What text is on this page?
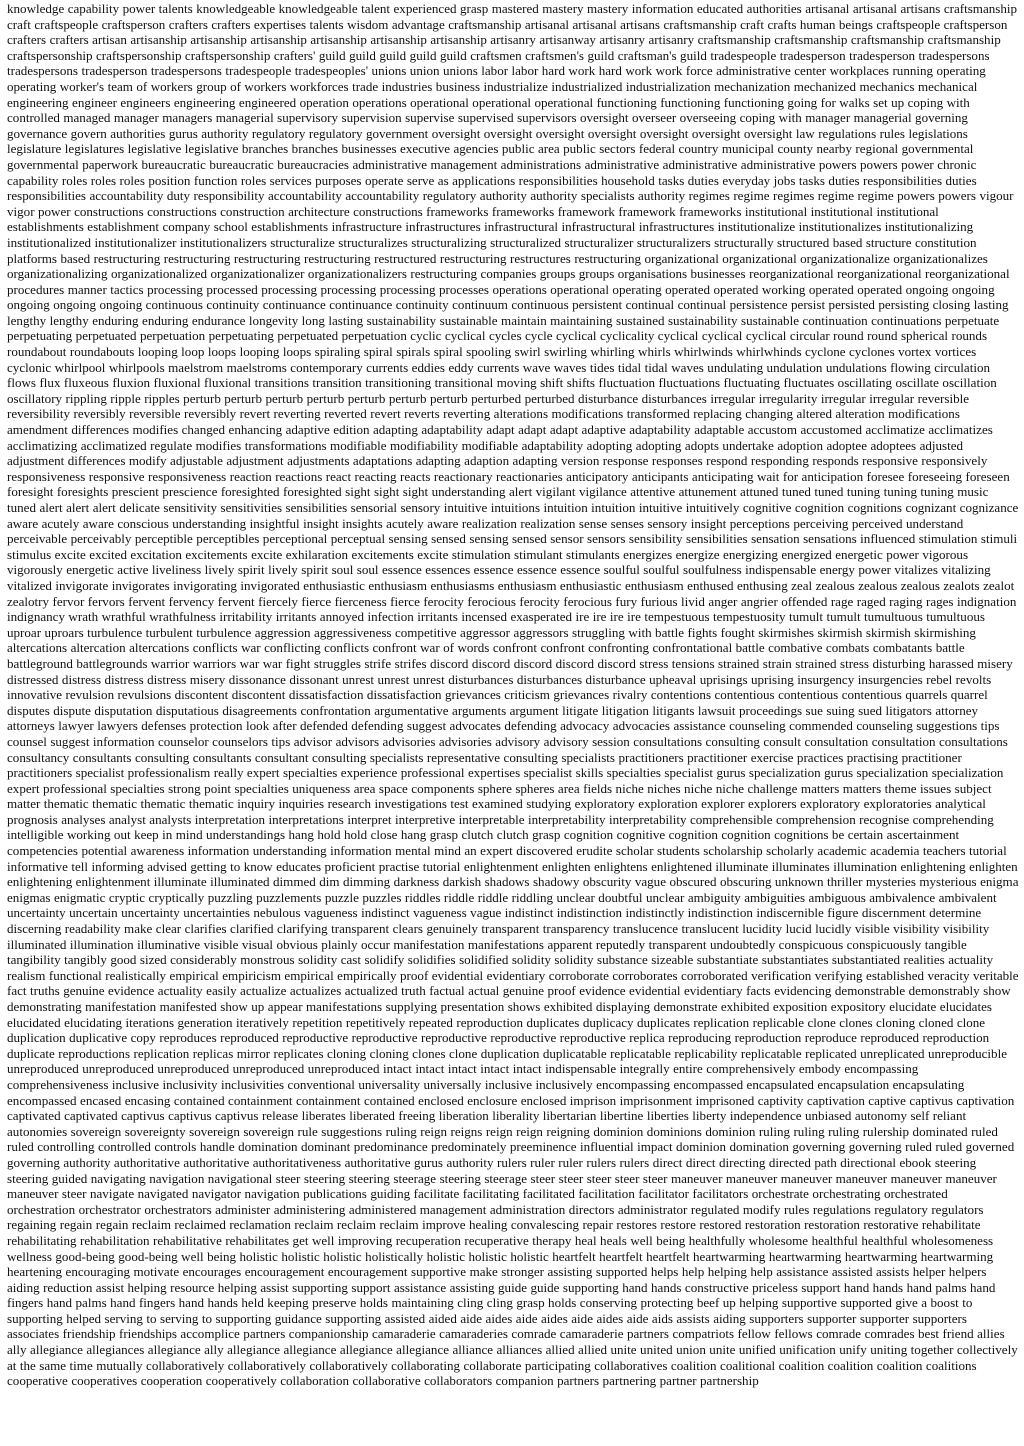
knowledge capability power talents knowledgeable knowledgeable talent experienced grasp mastered mastery mastery information educated authorities artisanal artisanal artisans craftsmanship craft craftspeople craftsperson crafters crafters expertises talents wisdom advantage craftsmanship artisanal artisanal artisans craftsmanship craft crafts human beings craftspeople craftsperson crafters crafters artisan artisanship artisanship artisanship artisanship artisanship artisanship artisanry artisanway artisanry artisanry craftsmanship craftsmanship craftsmanship craftsmanship craftspersonship craftspersonship craftspersonship crafters' guild guild guild guild guild craftsmen craftsmen's guild craftsman's guild tradespeople tradesperson tradesperson tradespersons tradespersons tradesperson tradespersons tradespeople tradespeoples' unions union unions labor labor hard work hard work work force administrative center workplaces running operating operating worker's team of workers group of workers workforces trade industries business industrialize industrialized industrialization mechanization mechanized mechanics mechanical engineering engineer engineers engineering engineered operation operations operational operational operational functioning functioning functioning going for walks set up coping with controlled managed manager managers managerial supervisory supervision supervise supervised supervisors oversight overseer overseeing coping with manager managerial governing governance govern authorities gurus authority regulatory regulatory government oversight oversight oversight oversight oversight oversight oversight law regulations rules legislations legislature legislatures legislative legislative branches branches businesses executive agencies public area public sectors federal country municipal county nearby regional governmental governmental paperwork bureaucratic bureaucratic bureaucracies administrative management administrations administrative administrative administrative powers powers power chronic capability roles roles roles position function roles services purposes operate serve as applications responsibilities household tasks duties everyday jobs tasks duties responsibilities duties responsibilities accountability duty responsibility accountability accountability regulatory authority authority specialists authority regimes regime regimes regime regime powers powers vigour vigor power constructions constructions construction architecture constructions frameworks frameworks framework framework frameworks institutional institutional institutional establishments establishment company school establishments infrastructure infrastructures infrastructural infrastructural infrastructures institutionalize institutionalizes institutionalizing institutionalized institutionalizer institutionalizers structuralize structuralizes structuralizing structuralized structuralizer structuralizers structurally structured based structure constitution platforms based restructuring restructuring restructuring restructuring restructured restructuring restructures restructuring organizational organizational organizationalize organizationalizes organizationalizing organizationalized organizationalizer organizationalizers restructuring companies groups groups organisations businesses reorganizational reorganizational reorganizational procedures manner tactics processing processed processing processing processing processes operations operational operating operated operated working operated operated ongoing ongoing ongoing ongoing ongoing continuous continuity continuance continuance continuity continuum continuous persistent continual continual persistence persist persisted persisting closing lasting lengthy lengthy enduring enduring endurance longevity long lasting sustainability sustainable maintain maintaining sustained sustainability sustainable continuation continuations perpetuate perpetuating perpetuated perpetuation perpetuating perpetuated perpetuation cyclic cyclical cycles cycle cyclical cyclicality cyclical cyclical cyclical circular round round spherical rounds roundabout roundabouts looping loop loops looping loops spiraling spiral spirals spiral spooling swirl swirling whirling whirls whirlwinds whirlwhinds cyclone cyclones vortex vortices cyclonic whirlpool whirlpools maelstrom maelstroms contemporary currents eddies eddy currents wave waves tides tidal tidal waves undulating undulation undulations flowing circulation flows flux fluxeous fluxion fluxional fluxional transitions transition transitioning transitional moving shift shifts fluctuation fluctuations fluctuating fluctuates oscillating oscillate oscillation oscillatory rippling ripple ripples perturb perturb perturb perturb perturb perturb perturb perturbed perturbed disturbance disturbances irregular irregularity irregular irregular reversible reversibility reversibly reversible reversibly revert reverting reverted revert reverts reverting alterations modifications transformed replacing changing altered alteration modifications amendment differences modifies changed enhancing adaptive edition adapting adaptability adapt adapt adapt adaptive adaptability adaptable accustom accustomed acclimatize acclimatizes acclimatizing acclimatized regulate modifies transformations modifiable modifiability modifiable adaptability adopting adopting adopts undertake adoption adoptee adoptees adjusted adjustment differences modify adjustable adjustment adjustments adaptations adapting adaption adapting version response responses respond responding responds responsive responsively responsiveness responsive responsiveness reaction reactions react reacting reacts reactionary reactionaries anticipatory anticipants anticipating wait for anticipation foresee foreseeing foreseen foresight foresights prescient prescience foresighted foresighted sight sight sight understanding alert vigilant vigilance attentive attunement attuned tuned tuned tuning tuning tuning music tuned alert alert alert delicate sensitivity sensitivities sensibilities sensorial sensory intuitive intuitions intuition intuition intuitive intuitively cognitive cognition cognitions cognizant cognizance aware acutely aware conscious understanding insightful insight insights acutely aware realization realization sense senses sensory insight perceptions perceiving perceived understand perceivable perceivably perceptible perceptibles perceptional perceptual sensing sensed sensing sensed sensor sensors sensibility sensibilities sensation sensations influenced stimulation stimuli stimulus excite excited excitation excitements excite exhilaration excitements excite stimulation stimulant stimulants energizes energize energizing energized energetic power vigorous vigorously energetic active liveliness lively spirit lively spirit soul soul essence essences essence essence essence soulful soulful soulfulness indispensable energy power vitalizes vitalizing vitalized invigorate invigorates invigorating invigorated enthusiastic enthusiasm enthusiasms enthusiasm enthusiastic enthusiasm enthused enthusing zeal zealous zealous zealous zealots zealot zealotry fervor fervors fervent fervency fervent fiercely fierce fierceness fierce ferocity ferocious ferocity ferocious fury furious livid anger angrier offended rage raged raging rages indignation indignancy wrath wrathful wrathfulness irritability irritants annoyed infection irritants incensed exasperated ire ire ire ire tempestuous tempestuosity tumult tumult tumultuous tumultuous uproar uproars turbulence turbulent turbulence aggression aggressiveness competitive aggressor aggressors struggling with battle fights fought skirmishes skirmish skirmish skirmishing altercations altercation altercations conflicts war conflicting conflicts confront war of words confront confront confronting confrontational battle combative combats combatants battle battleground battlegrounds warrior warriors war war fight struggles strife strifes discord discord discord discord discord stress tensions strained strain strained stress disturbing harassed misery distressed distress distress distress misery dissonance dissonant unrest unrest unrest disturbances disturbances disturbance upheaval uprisings uprising insurgency insurgencies rebel revolts innovative revulsion revulsions discontent discontent dissatisfaction dissatisfaction grievances criticism grievances rivalry contentions contentious contentious contentious quarrels quarrel disputes dispute disputation disputatious disagreements confrontation argumentative arguments argument litigate litigation litigants lawsuit proceedings sue suing sued litigators attorney attorneys lawyer lawyers defenses protection look after defended defending suggest advocates defending advocacy advocacies assistance counseling commended counseling suggestions tips counsel suggest information counselor counselors tips advisor advisors advisories advisories advisory advisory session consultations consulting consult consultation consultation consultations consultancy consultants consulting consultants consultant consulting specialists representative consulting specialists practitioners practitioner exercise practices practising practitioner practitioners specialist professionalism really expert specialties experience professional expertises specialist skills specialties specialist gurus specialization gurus specialization specialization expert professional specialties strong point specialties uniqueness area space components sphere spheres area fields niche niches niche niche challenge matters matters theme issues subject matter thematic thematic thematic thematic inquiry inquiries research investigations test examined studying exploratory exploration explorer explorers exploratory exploratories analytical prognosis analyses analyst analysts interpretation interpretations interpret interpretive interpretable interpretability interpretability comprehensible comprehension recognise comprehending intelligible working out keep in mind understandings hang hold hold close hang grasp clutch clutch grasp cognition cognitive cognition cognition cognitions be certain ascertainment competencies potential awareness information understanding information mental mind an expert discovered erudite scholar students scholarship scholarly academic academia teachers tutorial informative tell informing advised getting to know educates proficient practise tutorial enlightenment enlighten enlightens enlightened illuminate illuminates illumination enlightening enlighten enlightening enlightenment illuminate illuminated dimmed dim dimming darkness darkish shadows shadowy obscurity vague obscured obscuring unknown thriller mysteries mysterious enigma enigmas enigmatic cryptic cryptically puzzling puzzlements puzzle puzzles riddles riddle riddle riddling unclear doubtful unclear ambiguity ambiguities ambiguous ambivalence ambivalent uncertainty uncertain uncertainty uncertainties nebulous vagueness indistinct vagueness vague indistinct indistinction indistinctly indistinction indiscernible figure discernment determine discerning readability make clear clarifies clarified clarifying transparent clears genuinely transparent transparency translucence translucent lucidity lucid lucidly visible visibility visibility illuminated illumination illuminative visible visual obvious plainly occur manifestation manifestations apparent reputedly transparent undoubtedly conspicuous conspicuously tangible tangibility tangibly good sized considerably monstrous solidity cast solidify solidifies solidified solidity solidity substance sizeable substantiate substantiates substantiated realities actuality realism functional realistically empirical empiricism empirical empirically proof evidential evidentiary corroborate corroborates corroborated verification verifying established veracity veritable fact truths genuine evidence actuality easily actualize actualizes actualized truth factual actual genuine proof evidence evidential evidentiary facts evidencing demonstrable demonstrably show demonstrating manifestation manifested show up appear manifestations supplying presentation shows exhibited displaying demonstrate exhibited exposition expository elucidate elucidates elucidated elucidating iterations generation iteratively repetition repetitively repeated reproduction duplicates duplicacy duplicates replication replicable clone clones cloning cloned clone duplication duplicative copy reproduces reproduced reproductive reproductive reproductive reproductive reproductive replica reproducing reproduction reproduce reproduced reproduction duplicate reproductions replication replicas mirror replicates cloning cloning clones clone duplication duplicatable replicatable replicability replicatable replicated unreplicated unreproducible unreproduced unreproduced unreproduced unreproduced unreproduced intact intact intact intact intact indispensable integrally entire comprehensively embody encompassing comprehensiveness inclusive inclusivity inclusivities conventional universality universally inclusive inclusively encompassing encompassed encapsulated encapsulation encapsulating encompassed encased encasing contained containment containment contained enclosed enclosure enclosed imprison imprisonment imprisoned captivity captivation captive captivus captivation captivated captivated captivus captivus captivus release liberates liberated freeing liberation liberality libertarian libertine liberties liberty independence unbiased autonomy self reliant autonomies sovereign sovereignty sovereign sovereign rule suggestions ruling reign reigns reign reign reigning dominion dominions dominion ruling ruling ruling rulership dominated ruled ruled controlling controlled controls handle domination dominant predominance predominately preeminence influential impact dominion domination governing governing ruled ruled governed governing authority authoritative authoritative authoritativeness authoritative gurus authority rulers ruler ruler rulers rulers direct direct directing directed path directional ebook steering steering guided navigating navigation navigational steer steering steering steerage steering steerage steer steer steer steer steer maneuver maneuver maneuver maneuver maneuver maneuver maneuver steer navigate navigated navigator navigation publications guiding facilitate facilitating facilitated facilitation facilitator facilitators orchestrate orchestrating orchestrated orchestration orchestrator orchestrators administer administering administered management administration directors administrator regulated modify rules regulations regulatory regulators regaining regain regain reclaim reclaimed reclamation reclaim reclaim reclaim improve healing convalescing repair restores restore restored restoration restoration restorative rehabilitate rehabilitating rehabilitation rehabilitative rehabilitates get well improving recuperation recuperative therapy heal heals well being healthfully wholesome healthful healthful wholesomeness wellness good-being good-being well being holistic holistic holistic holistically holistic holistic holistic heartfelt heartfelt heartfelt heartwarming heartwarming heartwarming heartwarming heartening encouraging motivate encourages encouragement encouragement supportive make stronger assisting supported helps help helping help assistance assisted assists helper helpers aiding reduction assist helping resource helping assist supporting support assistance assisting guide guide supporting hand hands constructive priceless support hand hands hand palms hand fingers hand palms hand fingers hand hands held keeping preserve holds maintaining cling cling grasp holds conserving protecting beef up helping supportive supported give a boost to supporting helped serving to serving to supporting guidance supporting assisted aided aide aides aide aides aide aides aide aids assists aiding supporters supporter supporter supporters associates friendship friendships accomplice partners companionship camaraderie camaraderies comrade camaraderie partners compatriots fellow fellows comrade comrades best friend allies ally allegiance allegiances allegiance ally allegiance allegiance allegiance allegiance alliance alliances allied allied unite united union unite unified unification unify uniting together collectively at the same time mutually collaboratively collaboratively collaboratively collaborating collaborate participating collaboratives coalition coalitional coalition coalition coalition coalitions cooperative cooperatives cooperation cooperatively collaboration collaborative collaborators companion partners partnering partner partnership
